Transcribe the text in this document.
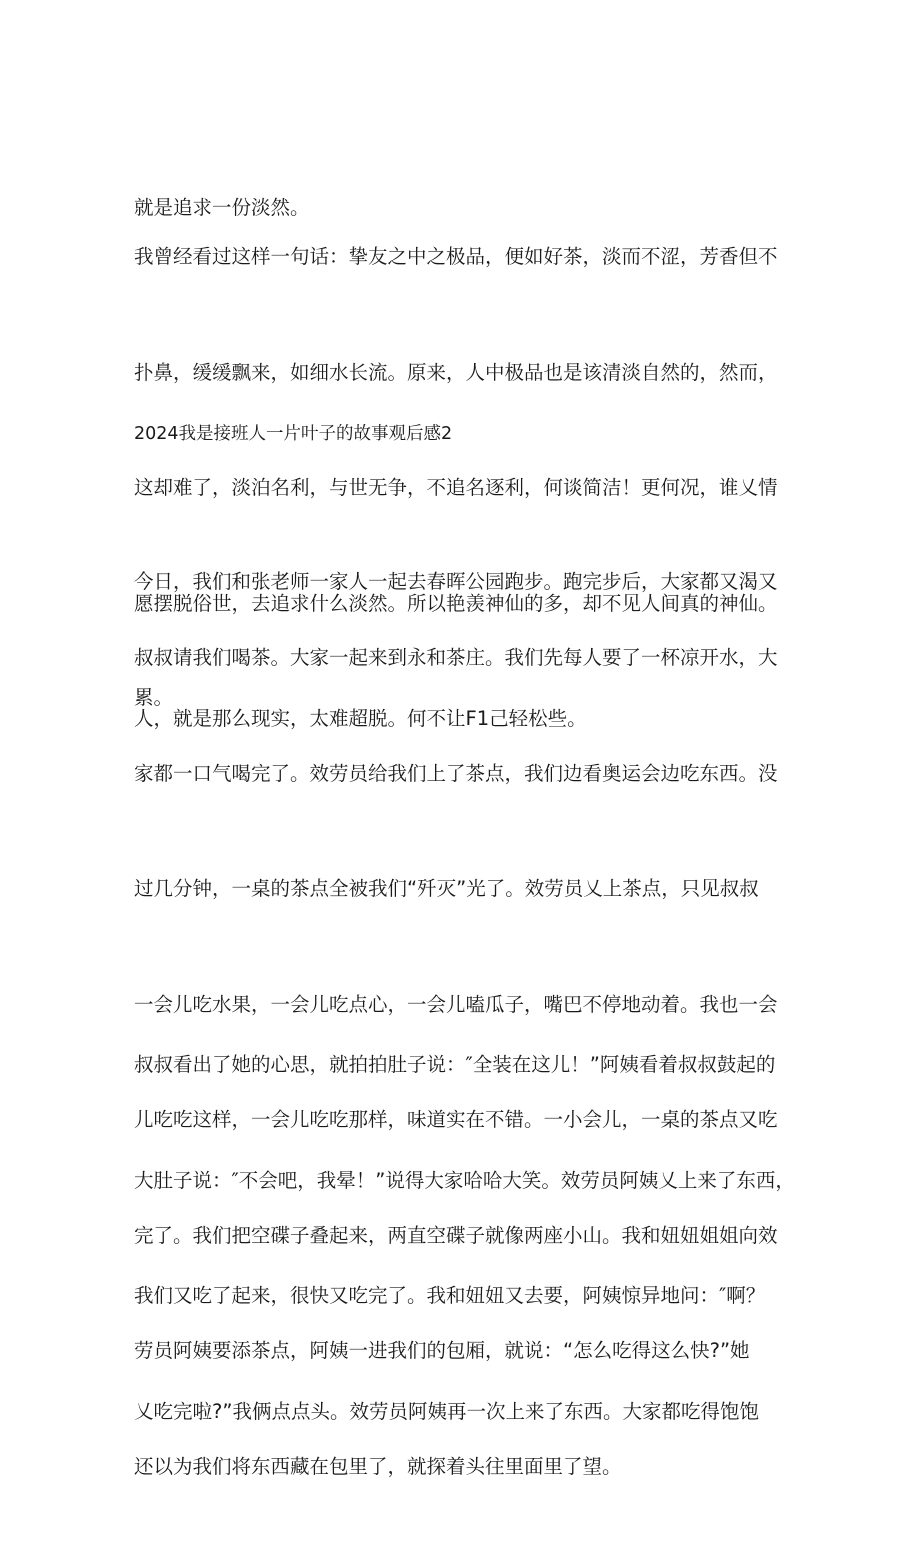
就是追求一份淡然。

我曾经看过这样一句话：挚友之中之极品，便如好茶，淡而不涩，芳香但不

扑鼻，缓缓飘来，如细水长流。原来，人中极品也是该清淡自然的，然而，

这却难了，淡泊名利，与世无争，不追名逐利，何谈简洁！更何况，谁乂情

愿摆脱俗世，去追求什么淡然。所以艳羡神仙的多，却不见人间真的神仙。

人，就是那么现实，太难超脱。何不让F1己轻松些。

2024我是接班人一片叶子的故事观后感2

今日，我们和张老师一家人一起去春晖公园跑步。跑完步后，大家都又渴又

累。

叔叔请我们喝茶。大家一起来到永和茶庄。我们先每人要了一杯凉开水，大

家都一口气喝完了。效劳员给我们上了茶点，我们边看奥运会边吃东西。没

过几分钟，一桌的茶点全被我们“歼灭”光了。效劳员乂上茶点，只见叔叔

一会儿吃水果，一会儿吃点心，一会儿嗑瓜子，嘴巴不停地动着。我也一会

儿吃吃这样，一会儿吃吃那样，味道实在不错。一小会儿，一桌的茶点又吃

完了。我们把空碟子叠起来，两直空碟子就像两座小山。我和妞妞姐姐向效

劳员阿姨要添茶点，阿姨一进我们的包厢，就说：“怎么吃得这么快?”她

还以为我们将东西藏在包里了，就探着头往里面里了望。

叔叔看出了她的心思，就拍拍肚子说：″全装在这儿！”阿姨看着叔叔鼓起的

大肚子说：″不会吧，我晕！”说得大家哈哈大笑。效劳员阿姨乂上来了东西，

我们又吃了起来，很快又吃完了。我和妞妞又去要，阿姨惊异地问：″啊？

乂吃完啦?”我俩点点头。效劳员阿姨再一次上来了东西。大家都吃得饱饱
